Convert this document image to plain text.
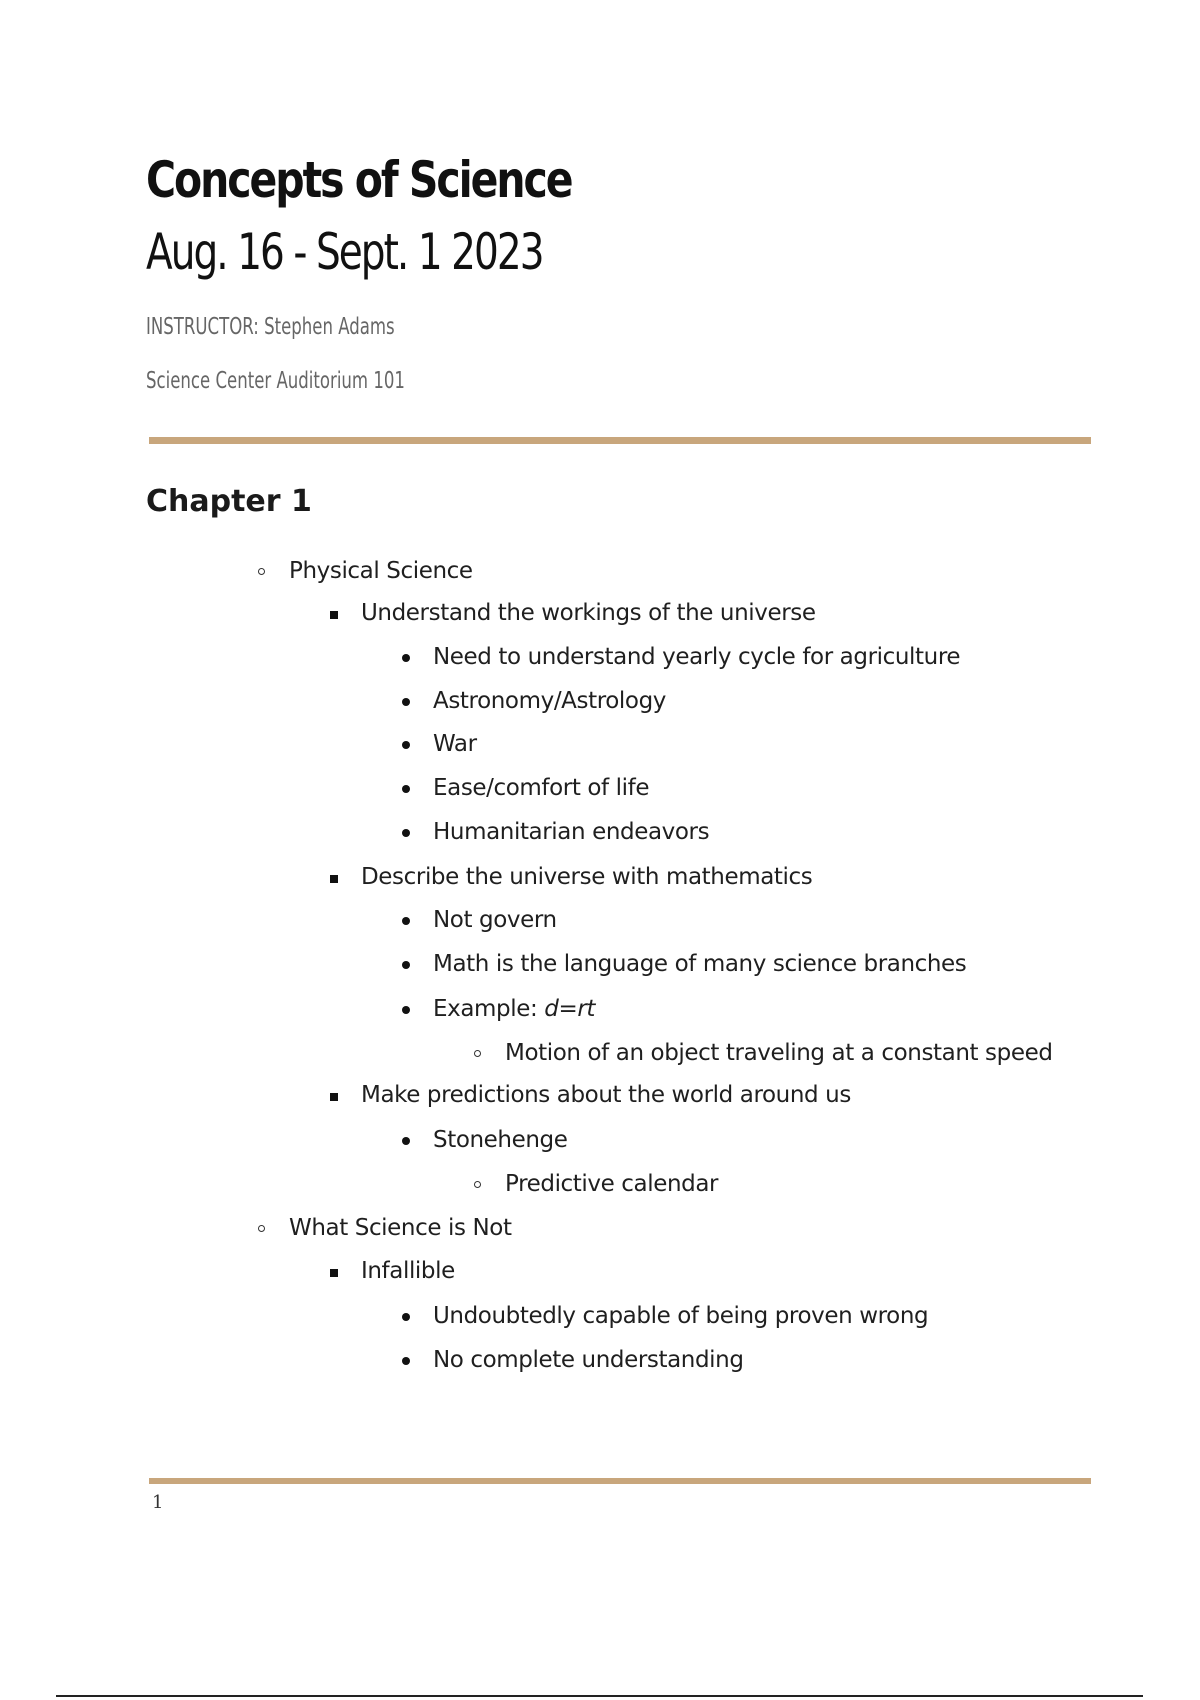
Concepts of Science
Aug. 16 - Sept. 1 2023

INSTRUCTOR: Stephen Adams

Science Center Auditorium 101

Chapter 1
Physical Science
Understand the workings of the universe
Need to understand yearly cycle for agriculture
Astronomy/Astrology
War
Ease/comfort of life
Humanitarian endeavors
Describe the universe with mathematics
Not govern
Math is the language of many science branches
Example: d=rt
Motion of an object traveling at a constant speed
Make predictions about the world around us
Stonehenge
Predictive calendar
What Science is Not
Infallible
Undoubtedly capable of being proven wrong
No complete understanding
1
